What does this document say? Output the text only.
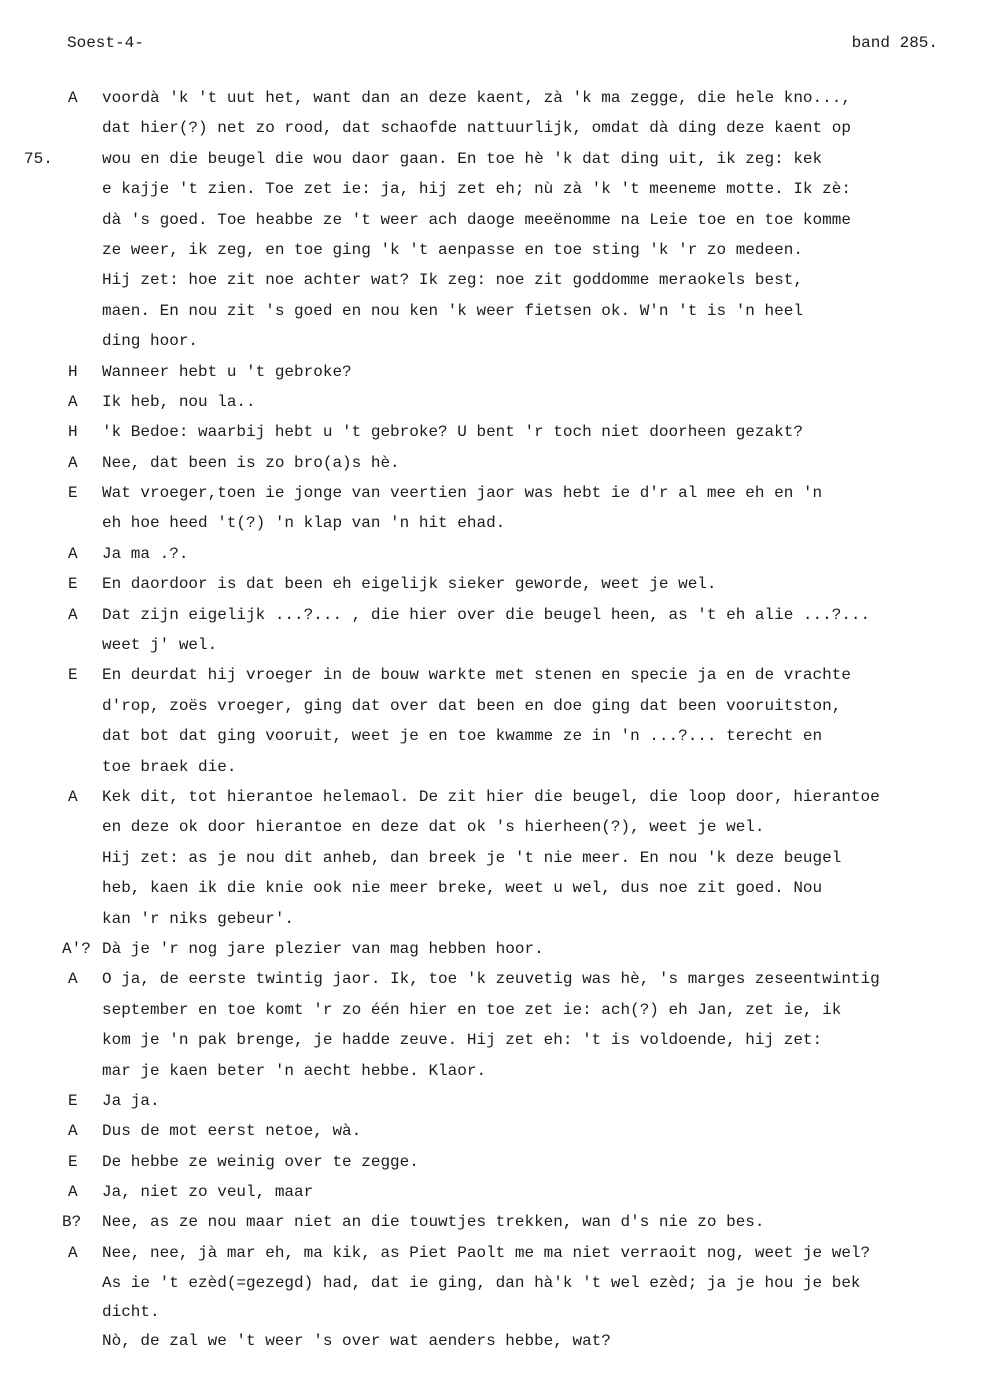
Soest-4-	band 285.
A voordà 'k 't uut het, want dan an deze kaent, zà 'k ma zegge, die hele kno...,
dat hier(?) net zo rood, dat schaofde nattuurlijk, omdat dà ding deze kaent op
75.	wou en die beugel die wou daor gaan. En toe hè 'k dat ding uit, ik zeg: kek
e kajje 't zien. Toe zet ie: ja, hij zet eh; nù zà 'k 't meeneme motte. Ik zè:
dà 's goed. Toe heabbe ze 't weer ach daoge meeënomme na Leie toe en toe komme
ze weer, ik zeg, en toe ging 'k 't aenpasse en toe sting 'k 'r zo medeen.
Hij zet: hoe zit noe achter wat? Ik zeg: noe zit goddomme meraokels best,
maen. En nou zit 's goed en nou ken 'k weer fietsen ok. W'n 't is 'n heel
ding hoor.
H Wanneer hebt u 't gebroke?
A Ik heb, nou la..
H 'k Bedoe: waarbij hebt u 't gebroke? U bent 'r toch niet doorheen gezakt?
A Nee, dat been is zo bro(a)s hè.
E Wat vroeger,toen ie jonge van veertien jaor was hebt ie d'r al mee eh en 'n
eh hoe heed 't(?) 'n klap van 'n hit ehad.
A Ja ma .?.
E En daordoor is dat been eh eigelijk sieker geworde, weet je wel.
A Dat zijn eigelijk ...?... , die hier over die beugel heen, as 't eh alie ...?...
weet j' wel.
E En deurdat hij vroeger in de bouw warkte met stenen en specie ja en de vrachte
d'rop, zoës vroeger, ging dat over dat been en doe ging dat been vooruitston,
dat bot dat ging vooruit, weet je en toe kwamme ze in 'n ...?... terecht en
toe braek die.
A Kek dit, tot hierantoe helemaol. De zit hier die beugel, die loop door, hierantoe
en deze ok door hierantoe en deze dat ok 's hierheen(?), weet je wel.
Hij zet: as je nou dit anheb, dan breek je 't nie meer. En nou 'k deze beugel
heb, kaen ik die knie ook nie meer breke, weet u wel, dus noe zit goed. Nou
kan 'r niks gebeur'.
A'? Dà je 'r nog jare plezier van mag hebben hoor.
A O ja, de eerste twintig jaor. Ik, toe 'k zeuvetig was hè, 's marges zeseentwintig
september en toe komt 'r zo één hier en toe zet ie: ach(?) eh Jan, zet ie, ik
kom je 'n pak brenge, je hadde zeuve. Hij zet eh: 't is voldoende, hij zet:
mar je kaen beter 'n aecht hebbe. Klaor.
E Ja ja.
A Dus de mot eerst netoe, wà.
E De hebbe ze weinig over te zegge.
A Ja, niet zo veul, maar
B? Nee, as ze nou maar niet an die touwtjes trekken, wan d's nie zo bes.
A Nee, nee, jà mar eh, ma kik, as Piet Paolt me ma niet verraoit nog, weet je wel?
As ie 't ezèd(=gezegd) had, dat ie ging, dan hà'k 't wel ezèd; ja je hou je bek
dicht.
Nò, de zal we 't weer 's over wat aenders hebbe, wat?
